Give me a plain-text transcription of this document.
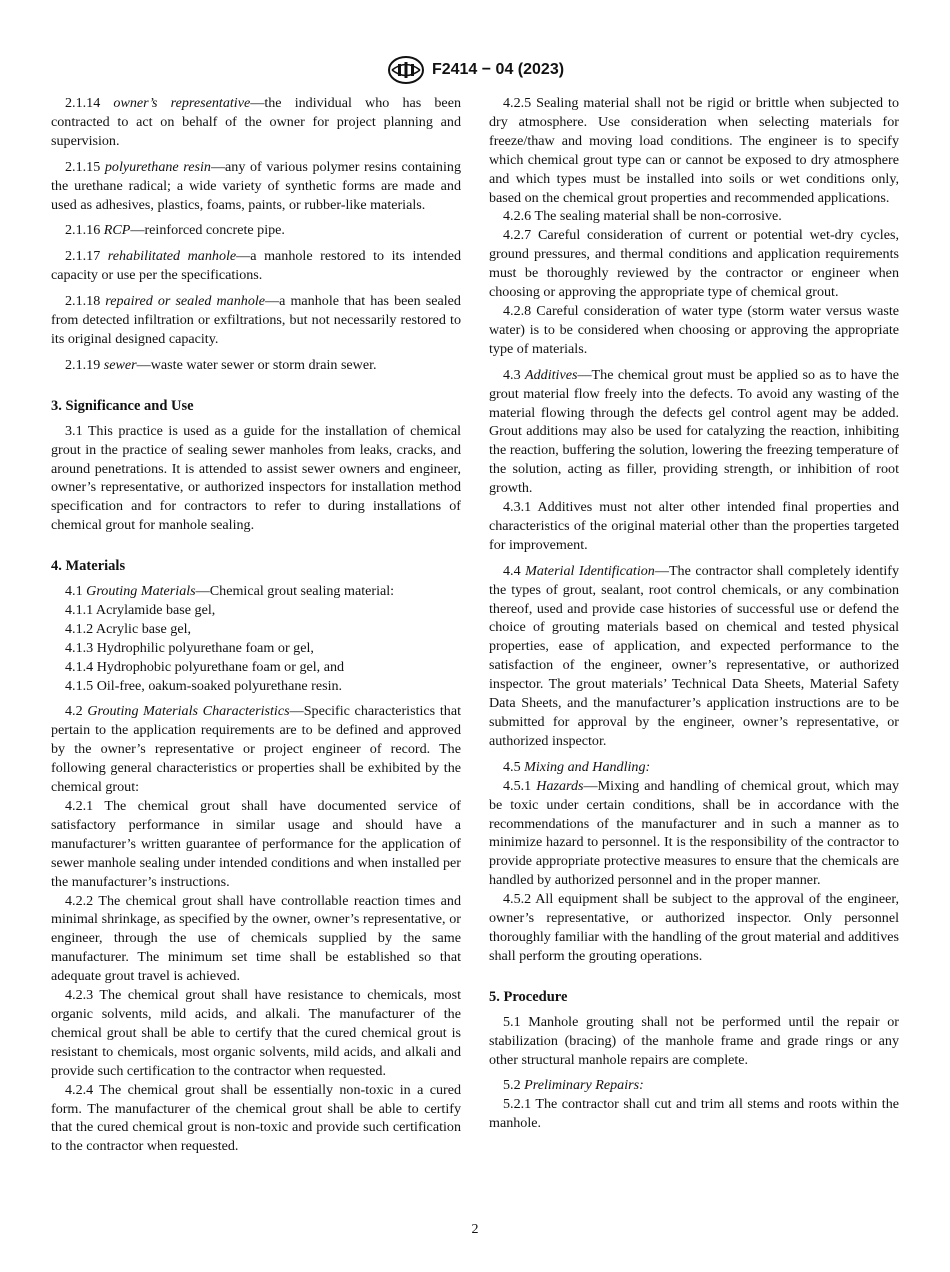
F2414 − 04 (2023)

2.1.14 owner’s representative—the individual who has been contracted to act on behalf of the owner for project planning and supervision.

2.1.15 polyurethane resin—any of various polymer resins containing the urethane radical; a wide variety of synthetic forms are made and used as adhesives, plastics, foams, paints, or rubber-like materials.

2.1.16 RCP—reinforced concrete pipe.

2.1.17 rehabilitated manhole—a manhole restored to its intended capacity or use per the specifications.

2.1.18 repaired or sealed manhole—a manhole that has been sealed from detected infiltration or exfiltrations, but not necessarily restored to its original designed capacity.

2.1.19 sewer—waste water sewer or storm drain sewer.

3. Significance and Use

3.1 This practice is used as a guide for the installation of chemical grout in the practice of sealing sewer manholes from leaks, cracks, and around penetrations. It is attended to assist sewer owners and engineer, owner’s representative, or authorized inspectors for installation method specification and for contractors to refer to during installations of chemical grout for manhole sealing.

4. Materials

4.1 Grouting Materials—Chemical grout sealing material:

4.1.1 Acrylamide base gel,

4.1.2 Acrylic base gel,

4.1.3 Hydrophilic polyurethane foam or gel,

4.1.4 Hydrophobic polyurethane foam or gel, and

4.1.5 Oil-free, oakum-soaked polyurethane resin.

4.2 Grouting Materials Characteristics—Specific characteristics that pertain to the application requirements are to be defined and approved by the owner’s representative or project engineer of record. The following general characteristics or properties shall be exhibited by the chemical grout:

4.2.1 The chemical grout shall have documented service of satisfactory performance in similar usage and should have a manufacturer’s written guarantee of performance for the application of sewer manhole sealing under intended conditions and when installed per the manufacturer’s instructions.

4.2.2 The chemical grout shall have controllable reaction times and minimal shrinkage, as specified by the owner, owner’s representative, or engineer, through the use of chemicals supplied by the same manufacturer. The minimum set time shall be established so that adequate grout travel is achieved.

4.2.3 The chemical grout shall have resistance to chemicals, most organic solvents, mild acids, and alkali. The manufacturer of the chemical grout shall be able to certify that the cured chemical grout is resistant to chemicals, most organic solvents, mild acids, and alkali and provide such certification to the contractor when requested.

4.2.4 The chemical grout shall be essentially non-toxic in a cured form. The manufacturer of the chemical grout shall be able to certify that the cured chemical grout is non-toxic and provide such certification to the contractor when requested.

4.2.5 Sealing material shall not be rigid or brittle when subjected to dry atmosphere. Use consideration when selecting materials for freeze/thaw and moving load conditions. The engineer is to specify which chemical grout type can or cannot be exposed to dry atmosphere and which types must be installed into soils or wet conditions only, based on the chemical grout properties and recommended applications.

4.2.6 The sealing material shall be non-corrosive.

4.2.7 Careful consideration of current or potential wet-dry cycles, ground pressures, and thermal conditions and application requirements must be thoroughly reviewed by the contractor or engineer when choosing or approving the appropriate type of chemical grout.

4.2.8 Careful consideration of water type (storm water versus waste water) is to be considered when choosing or approving the appropriate type of materials.

4.3 Additives—The chemical grout must be applied so as to have the grout material flow freely into the defects. To avoid any wasting of the material flowing through the defects gel control agent may be added. Grout additions may also be used for catalyzing the reaction, inhibiting the reaction, buffering the solution, lowering the freezing temperature of the solution, acting as filler, providing strength, or inhibition of root growth.

4.3.1 Additives must not alter other intended final properties and characteristics of the original material other than the properties targeted for improvement.

4.4 Material Identification—The contractor shall completely identify the types of grout, sealant, root control chemicals, or any combination thereof, used and provide case histories of successful use or defend the choice of grouting materials based on chemical and tested physical properties, ease of application, and expected performance to the satisfaction of the engineer, owner’s representative, or authorized inspector. The grout materials’ Technical Data Sheets, Material Safety Data Sheets, and the manufacturer’s application instructions are to be submitted for approval by the engineer, owner’s representative, or authorized inspector.

4.5 Mixing and Handling:

4.5.1 Hazards—Mixing and handling of chemical grout, which may be toxic under certain conditions, shall be in accordance with the recommendations of the manufacturer and in such a manner as to minimize hazard to personnel. It is the responsibility of the contractor to provide appropriate protective measures to ensure that the chemicals are handled by authorized personnel and in the proper manner.

4.5.2 All equipment shall be subject to the approval of the engineer, owner’s representative, or authorized inspector. Only personnel thoroughly familiar with the handling of the grout material and additives shall perform the grouting operations.

5. Procedure

5.1 Manhole grouting shall not be performed until the repair or stabilization (bracing) of the manhole frame and grade rings or any other structural manhole repairs are complete.

5.2 Preliminary Repairs:

5.2.1 The contractor shall cut and trim all stems and roots within the manhole.

2
